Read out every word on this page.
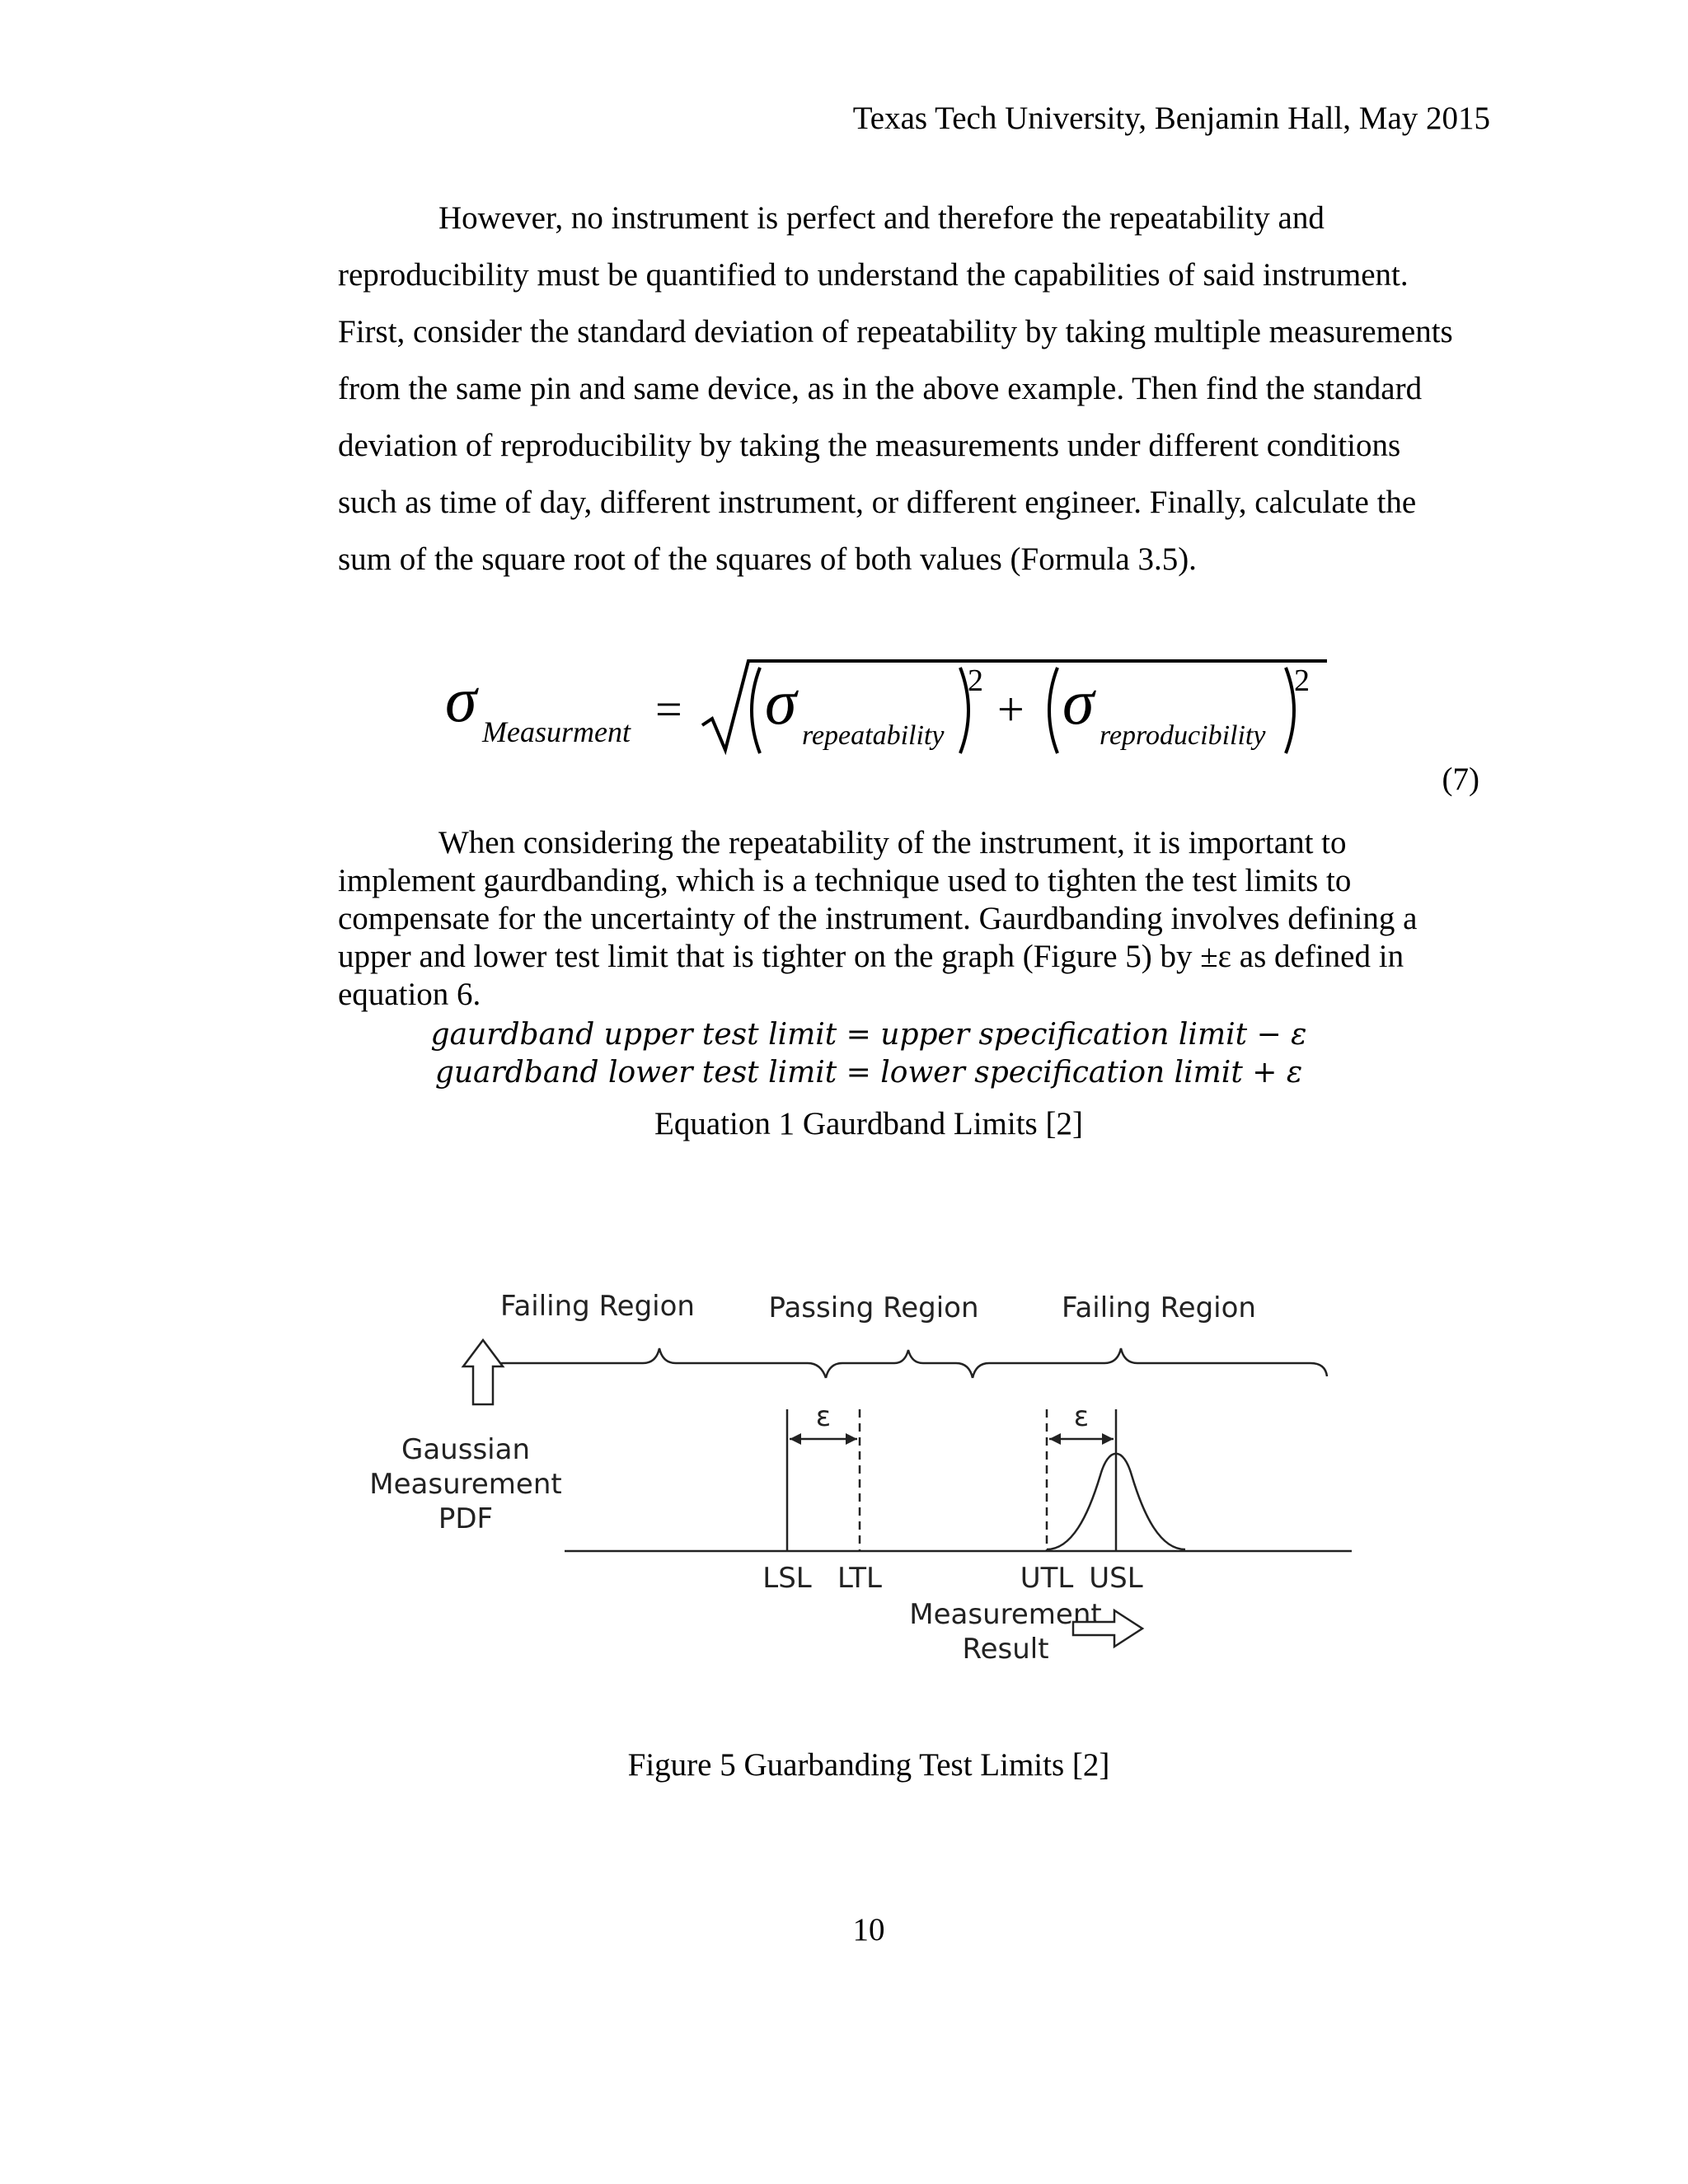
Texas Tech University, Benjamin Hall, May 2015
However, no instrument is perfect and therefore the repeatability and
reproducibility must be quantified to understand the capabilities of said instrument.
First, consider the standard deviation of repeatability by taking multiple measurements
from the same pin and same device, as in the above example. Then find the standard
deviation of reproducibility by taking the measurements under different conditions
such as time of day, different instrument, or different engineer. Finally, calculate the
sum of the square root of the squares of both values (Formula 3.5).
σ Measurment = σ repeatability
2
+ σ reproducibility
2
(7)
When considering the repeatability of the instrument, it is important to
implement gaurdbanding, which is a technique used to tighten the test limits to
compensate for the uncertainty of the instrument. Gaurdbanding involves defining a
upper and lower test limit that is tighter on the graph (Figure 5) by ±ε as defined in
equation 6.
gaurdband upper test limit = upper specification limit − ε
guardband lower test limit = lower specification limit + ε
Equation 1 Gaurdband Limits [2]
Failing Region	Passing Region	Failing Region
Gaussian
Measurement
PDF
ε	ε
LSL LTL	UTL USL
Measurement
Result
Figure 5 Guarbanding Test Limits [2]
10
